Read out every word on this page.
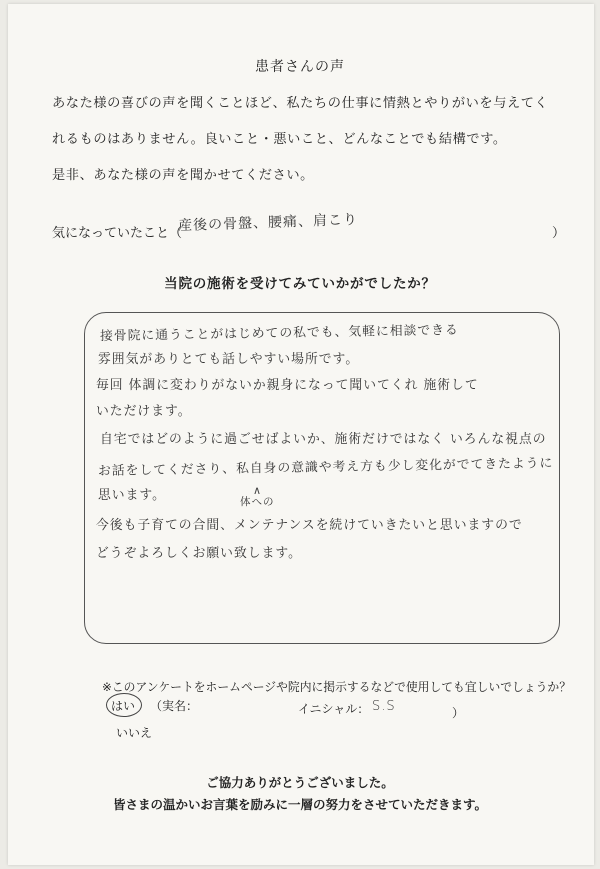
患者さんの声
あなた様の喜びの声を聞くことほど、私たちの仕事に情熱とやりがいを与えてく
れるものはありません。良いこと・悪いこと、どんなことでも結構です。
是非、あなた様の声を聞かせてください。
気になっていたこと（
産後の骨盤、腰痛、肩こり	）
当院の施術を受けてみていかがでしたか？
接骨院に通うことがはじめての私でも、気軽に相談できる
雰囲気がありとても話しやすい場所です。
毎回 体調に変わりがないか親身になって聞いてくれ 施術して
いただけます。
自宅ではどのように過ごせばよいか、施術だけではなく いろんな視点の
お話をしてくださり、私自身の意識や考え方も少し変化がでてきたように
∧
体への
思います。
今後も子育ての合間、メンテナンスを続けていきたいと思いますので
どうぞよろしくお願い致します。
※このアンケートをホームページや院内に掲示するなどで使用しても宜しいでしょうか？
はい （実名：	イニシャル： S.S	）
いいえ
ご協力ありがとうございました。
皆さまの温かいお言葉を励みに一層の努力をさせていただきます。
